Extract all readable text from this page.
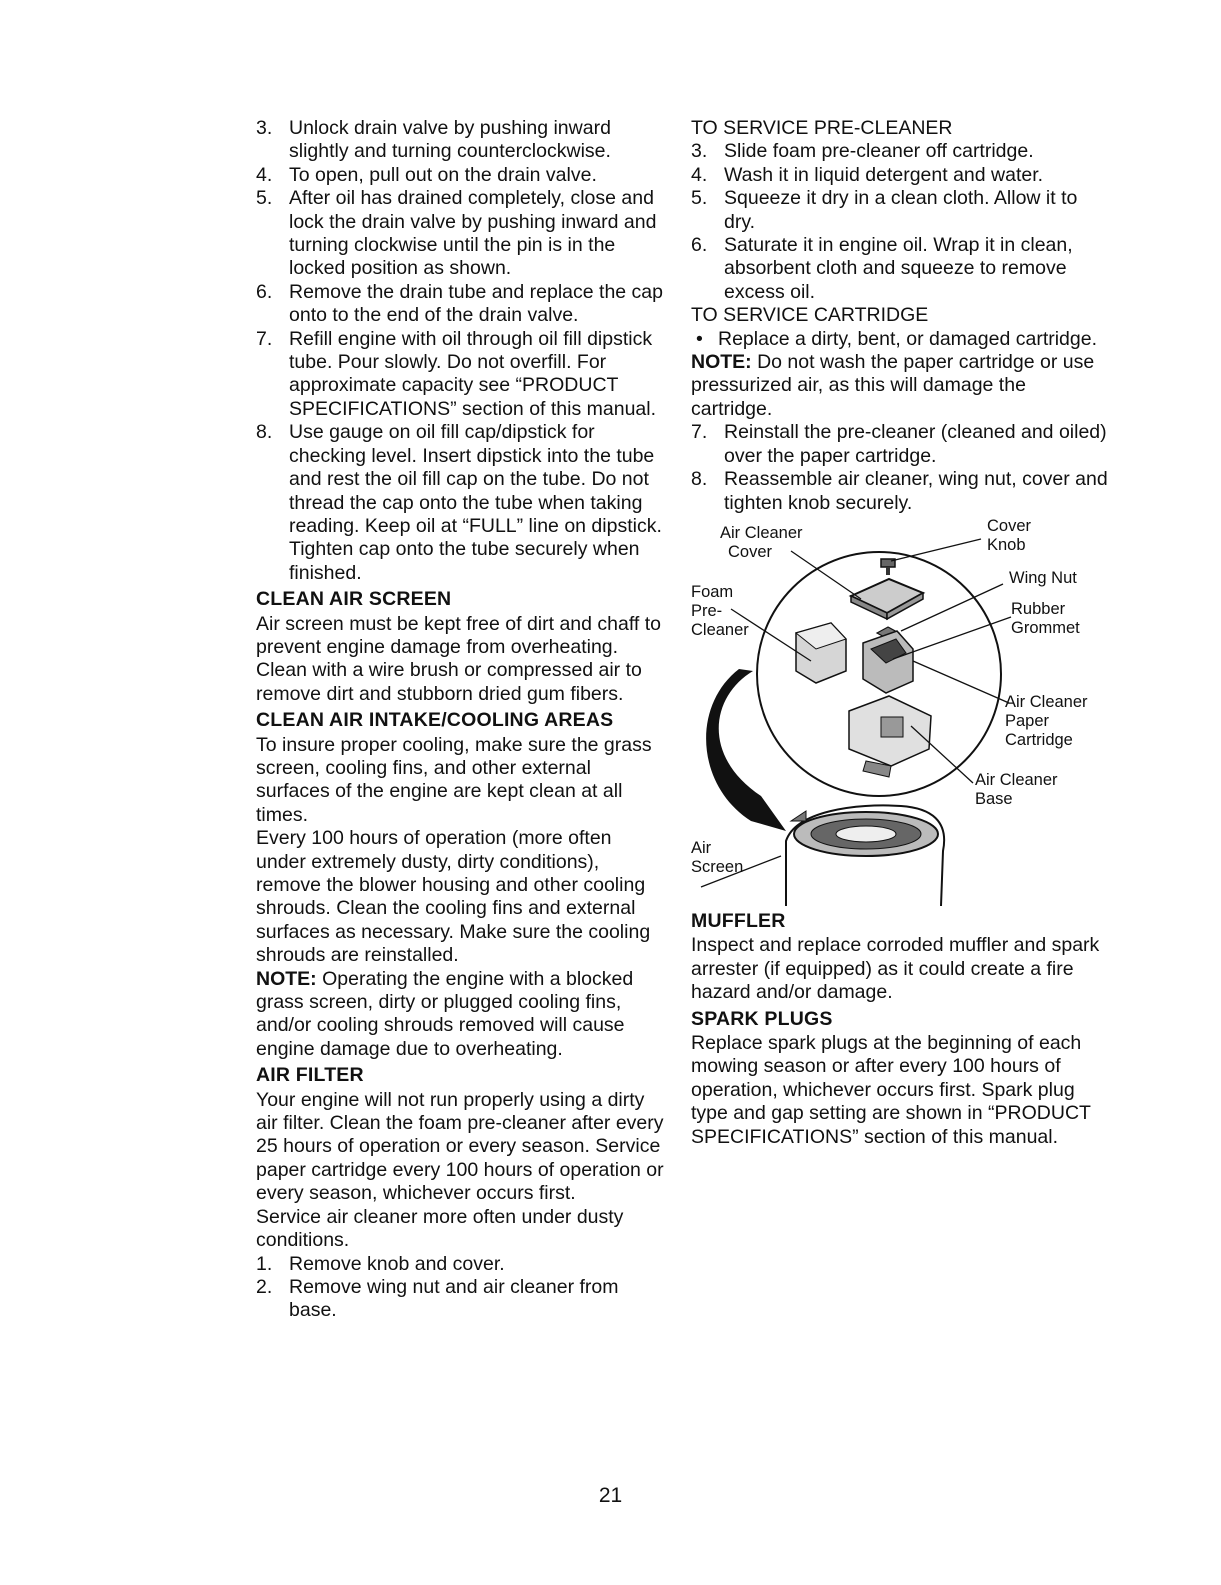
3. Unlock drain valve by pushing inward slightly and turning counterclockwise.
4. To open, pull out on the drain valve.
5. After oil has drained completely, close and lock the drain valve by pushing inward and turning clockwise until the pin is in the locked position as shown.
6. Remove the drain tube and replace the cap onto to the end of the drain valve.
7. Refill engine with oil through oil fill dipstick tube. Pour slowly. Do not overfill. For approximate capacity see “PRODUCT SPECIFICATIONS” section of this manual.
8. Use gauge on oil fill cap/dipstick for checking level. Insert dipstick into the tube and rest the oil fill cap on the tube. Do not thread the cap onto the tube when taking reading. Keep oil at “FULL” line on dipstick. Tighten cap onto the tube securely when finished.
CLEAN AIR SCREEN

Air screen must be kept free of dirt and chaff to prevent engine damage from overheating. Clean with a wire brush or compressed air to remove dirt and stubborn dried gum fibers.

CLEAN AIR INTAKE/COOLING AREAS

To insure proper cooling, make sure the grass screen, cooling fins, and other external surfaces of the engine are kept clean at all times.

Every 100 hours of operation (more often under extremely dusty, dirty conditions), remove the blower housing and other cooling shrouds. Clean the cooling fins and external surfaces as necessary. Make sure the cooling shrouds are reinstalled.

NOTE: Operating the engine with a blocked grass screen, dirty or plugged cooling fins, and/or cooling shrouds removed will cause engine damage due to overheating.

AIR FILTER

Your engine will not run properly using a dirty air filter. Clean the foam pre-cleaner after every 25 hours of operation or every season. Service paper cartridge every 100 hours of operation or every season, whichever occurs first.

Service air cleaner more often under dusty conditions.

1. Remove knob and cover.
2. Remove wing nut and air cleaner from base.
TO SERVICE PRE-CLEANER
3. Slide foam pre-cleaner off cartridge.
4. Wash it in liquid detergent and water.
5. Squeeze it dry in a clean cloth. Allow it to dry.
6. Saturate it in engine oil. Wrap it in clean, absorbent cloth and squeeze to remove excess oil.
TO SERVICE CARTRIDGE
• Replace a dirty, bent, or damaged cartridge.

NOTE: Do not wash the paper cartridge or use pressurized air, as this will damage the cartridge.

7. Reinstall the pre-cleaner (cleaned and oiled) over the paper cartridge.
8. Reassemble air cleaner, wing nut, cover and tighten knob securely.
Air Cleaner
Cover
Cover
Knob
Wing Nut
Foam
Pre-
Cleaner
Rubber
Grommet
Air Cleaner
Paper
Cartridge
Air Cleaner
Base
Air
Screen
MUFFLER

Inspect and replace corroded muffler and spark arrester (if equipped) as it could create a fire hazard and/or damage.

SPARK PLUGS

Replace spark plugs at the beginning of each mowing season or after every 100 hours of operation, whichever occurs first. Spark plug type and gap setting are shown in “PRODUCT SPECIFICATIONS” section of this manual.

21
